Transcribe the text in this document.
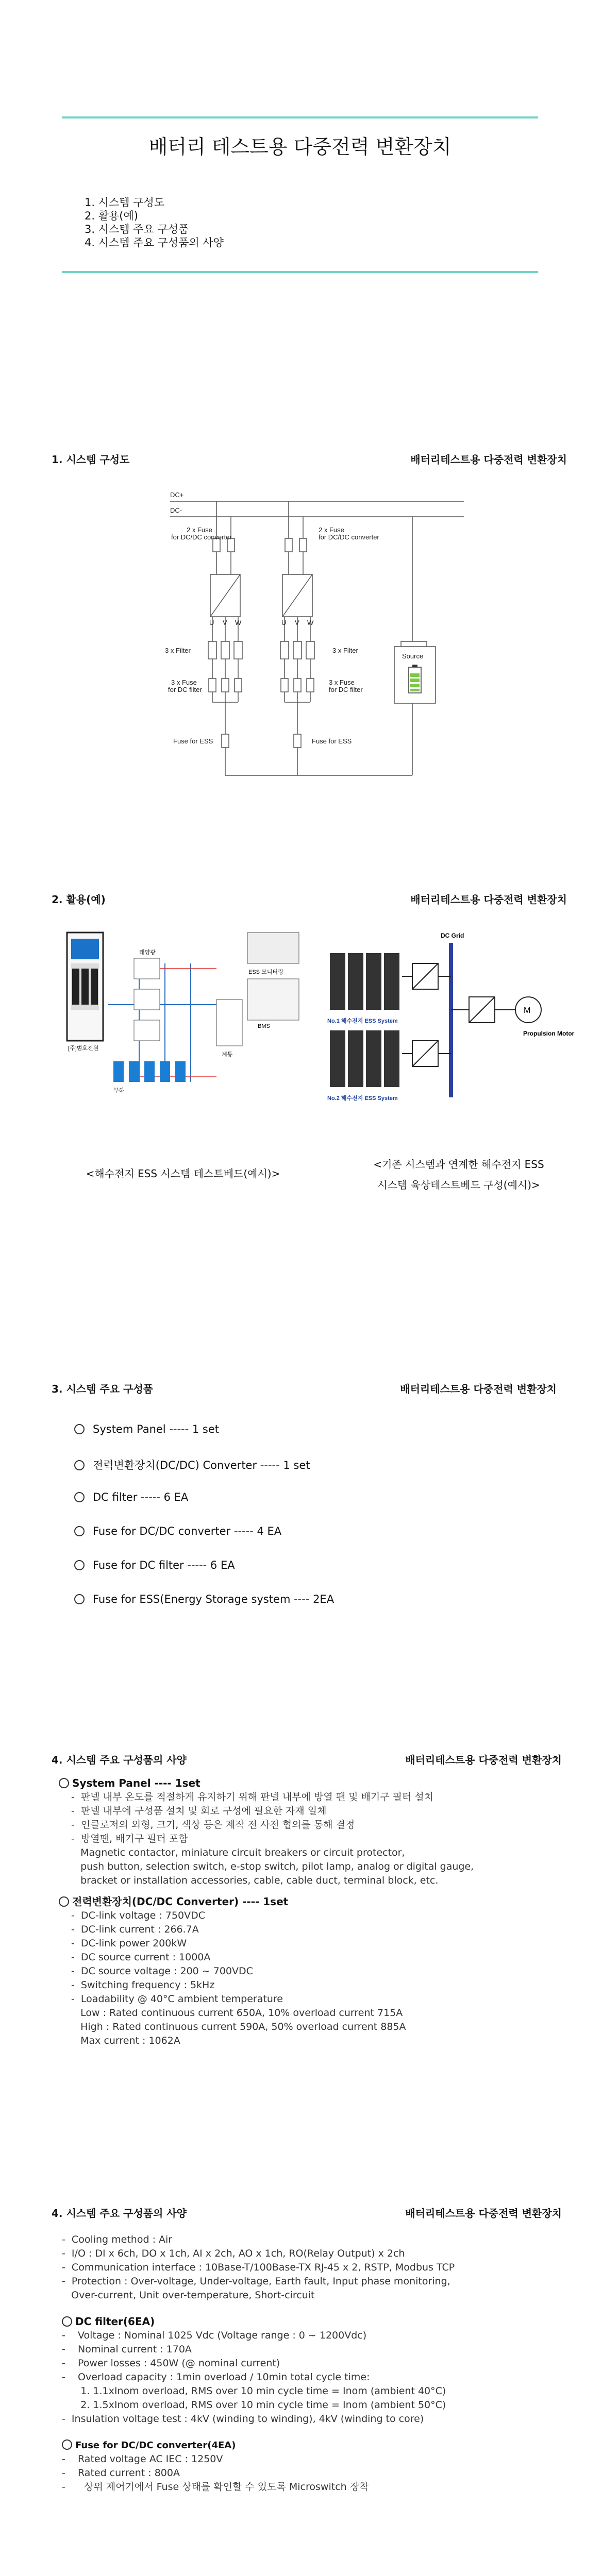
배터리 테스트용 다중전력 변환장치
1. 시스템 구성도
2. 활용(예)
3. 시스템 주요 구성품
4. 시스템 주요 구성품의 사양
1. 시스템 구성도	배터리테스트용 다중전력 변환장치
DC+
DC-
2 x Fuse
for DC/DC converter
2 x Fuse
for DC/DC converter
U V W	U V W
3 x Filter	3 x Filter
3 x Fuse
for DC filter
3 x Fuse
for DC filter
Source
Fuse for ESS	Fuse for ESS
2. 활용(예)	배터리테스트용 다중전력 변환장치
[주]범호전원
태양광
BMS
계통
부하
ESS 모니터링
DC Grid
M
Propulsion Motor
No.1 해수전지 ESS System
No.2 해수전지 ESS System
<해수전지 ESS 시스템 테스트베드(예시)>
<기존 시스템과 연계한 해수전지 ESS
시스템 육상테스트베드 구성(예시)>
3. 시스템 주요 구성품	배터리테스트용 다중전력 변환장치
System Panel ----- 1 set
전력변환장치(DC/DC) Converter ----- 1 set
DC filter ----- 6 EA
Fuse for DC/DC converter ----- 4 EA
Fuse for DC filter ----- 6 EA
Fuse for ESS(Energy Storage system ---- 2EA
4. 시스템 주요 구성품의 사양	배터리테스트용 다중전력 변환장치
System Panel ---- 1set
-  판넬 내부 온도를 적절하게 유지하기 위해 판넬 내부에 방열 팬 및 배기구 필터 설치
-  판넬 내부에 구성품 설치 및 회로 구성에 필요한 자재 일체
-  인클로저의 외형, 크기, 색상 등은 제작 전 사전 협의를 통해 결정
-  방열팬, 배기구 필터 포함
Magnetic contactor, miniature circuit breakers or circuit protector,
push button, selection switch, e-stop switch, pilot lamp, analog or digital gauge,
bracket or installation accessories, cable, cable duct, terminal block, etc.
전력변환장치(DC/DC Converter) ---- 1set
-  DC-link voltage : 750VDC
-  DC-link current : 266.7A
-  DC-link power 200kW
-  DC source current : 1000A
-  DC source voltage : 200 ~ 700VDC
-  Switching frequency : 5kHz
-  Loadability @ 40°C ambient temperature
Low : Rated continuous current 650A, 10% overload current 715A
High : Rated continuous current 590A, 50% overload current 885A
Max current : 1062A
4. 시스템 주요 구성품의 사양	배터리테스트용 다중전력 변환장치
-  Cooling method : Air
-  I/O : DI x 6ch, DO x 1ch, AI x 2ch, AO x 1ch, RO(Relay Output) x 2ch
-  Communication interface : 10Base-T/100Base-TX RJ-45 x 2, RSTP, Modbus TCP
-  Protection : Over-voltage, Under-voltage, Earth fault, Input phase monitoring,
Over-current, Unit over-temperature, Short-circuit
DC filter(6EA)
-    Voltage : Nominal 1025 Vdc (Voltage range : 0 ~ 1200Vdc)
-    Nominal current : 170A
-    Power losses : 450W (@ nominal current)
-    Overload capacity : 1min overload / 10min total cycle time:
1. 1.1xInom overload, RMS over 10 min cycle time = Inom (ambient 40°C)
2. 1.5xInom overload, RMS over 10 min cycle time = Inom (ambient 50°C)
-  Insulation voltage test : 4kV (winding to winding), 4kV (winding to core)
Fuse for DC/DC converter(4EA)
-    Rated voltage AC IEC : 1250V
-    Rated current : 800A
-      상위 제어기에서 Fuse 상태를 확인할 수 있도록 Microswitch 장착
